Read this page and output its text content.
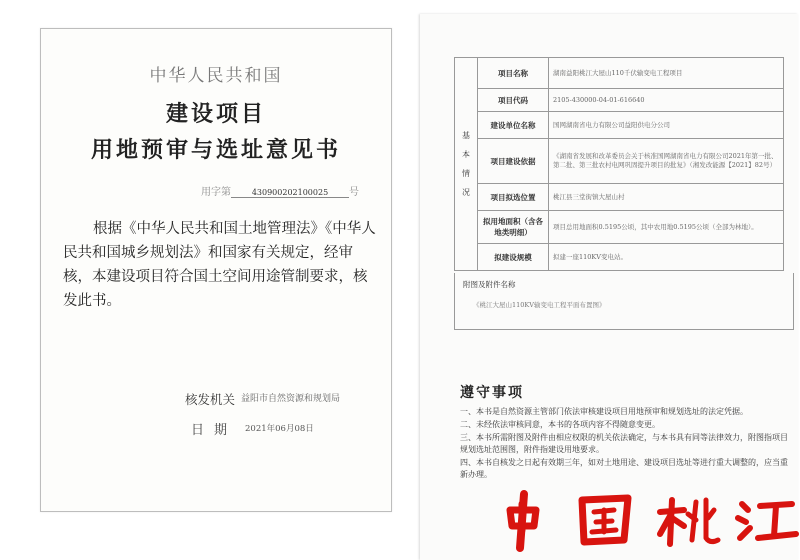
中华人民共和国
建设项目
用地预审与选址意见书
用字第	430900202100025 号
根据《中华人民共和国土地管理法》《中华人民共和国城乡规划法》和国家有关规定，经审核，本建设项目符合国土空间用途管制要求，核发此书。
核发机关 益阳市自然资源和规划局
日期 2021年06月08日
基
本
情
况	项目名称	湖南益阳桃江大屋山110千伏输变电工程项目
	项目代码	2105-430000-04-01-616640
	建设单位名称	国网湖南省电力有限公司益阳供电分公司
	项目建设依据	《湖南省发展和改革委员会关于核准国网湖南省电力有限公司2021年第一批、第二批、第三批农村电网巩固提升项目的批复》（湘发改能源【2021】82号）
	项目拟选位置	桃江县三堂街镇大屋山村
	拟用地面积（含各地类明细）	项目总用地面积0.5195公顷，其中农用地0.5195公顷（全部为林地）。
	拟建设规模	拟建一座110KV变电站。
附图及附件名称
《桃江大屋山110KV输变电工程平面布置图》
遵守事项
一、本书是自然资源主管部门依法审核建设项目用地预审和规划选址的法定凭据。
二、未经依法审核同意，本书的各项内容不得随意变更。
三、本书所需附图及附件由相应权限的机关依法确定，与本书具有同等法律效力，附图指项目规划选址范围图，附件指建设用地要求。
四、本书自核发之日起有效期三年，如对土地用途、建设项目选址等进行重大调整的，应当重新办理。
